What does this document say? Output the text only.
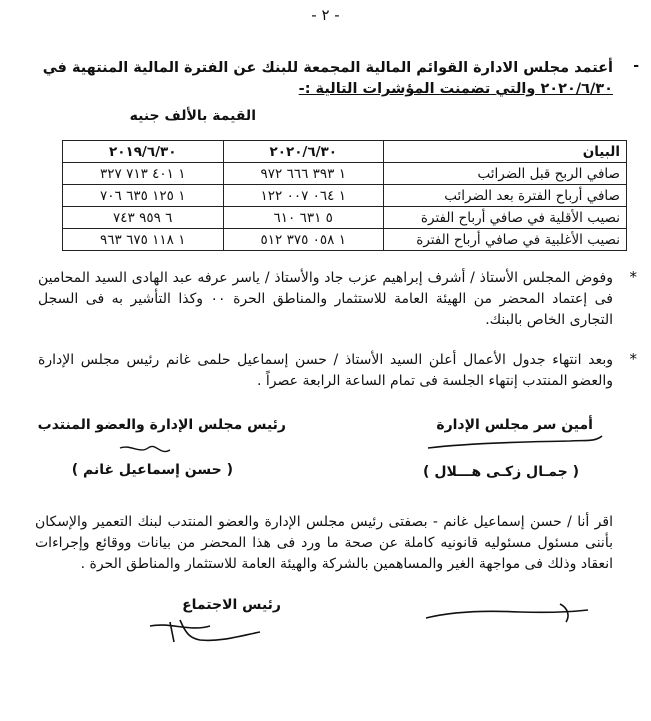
- ٢ -
-
أعتمد مجلس الادارة القوائم المالية المجمعة للبنك عن الفترة المالية المنتهية في
٢٠٢٠/٦/٣٠ والتي تضمنت المؤشرات التالية :-
القيمة بالألف جنيه
البيان	٢٠٢٠/٦/٣٠	٢٠١٩/٦/٣٠
صافي الربح قبل الضرائب	١ ٣٩٣ ٦٦٦ ٩٧٢	١ ٤٠١ ٧١٣ ٣٢٧
صافي أرباح الفترة بعد الضرائب	١ ٠٦٤ ٠٠٧ ١٢٢	١ ١٢٥ ٦٣٥ ٧٠٦
نصيب الأقلية في صافي أرباح الفترة	٥ ٦٣١ ٦١٠	٦ ٩٥٩ ٧٤٣
نصيب الأغلبية في صافي أرباح الفترة	١ ٠٥٨ ٣٧٥ ٥١٢	١ ١١٨ ٦٧٥ ٩٦٣
*
وفوض المجلس الأستاذ / أشرف إبراهيم عزب جاد والأستاذ / ياسر عرفه عبد الهادى السيد المحامين فى إعتماد المحضر من الهيئة العامة للاستثمار والمناطق الحرة ٠٠ وكذا التأشير به فى السجل التجارى الخاص بالبنك.
*
وبعد انتهاء جدول الأعمال أعلن السيد الأستاذ / حسن إسماعيل حلمى غانم رئيس مجلس الإدارة والعضو المنتدب إنتهاء الجلسة فى تمام الساعة الرابعة عصراً .
أمين سر مجلس الإدارة
رئيس مجلس الإدارة والعضو المنتدب
( جمـال زكـى هـــلال )
( حسن إسماعيل غانم )
اقر أنا / حسن إسماعيل غانم - بصفتى رئيس مجلس الإدارة والعضو المنتدب لبنك التعمير والإسكان بأننى مسئول مسئوليه قانونيه كاملة عن صحة ما ورد فى هذا المحضر من بيانات ووقائع وإجراءات انعقاد وذلك فى مواجهة الغير والمساهمين بالشركة والهيئة العامة للاستثمار والمناطق الحرة .
رئيس الاجتماع
